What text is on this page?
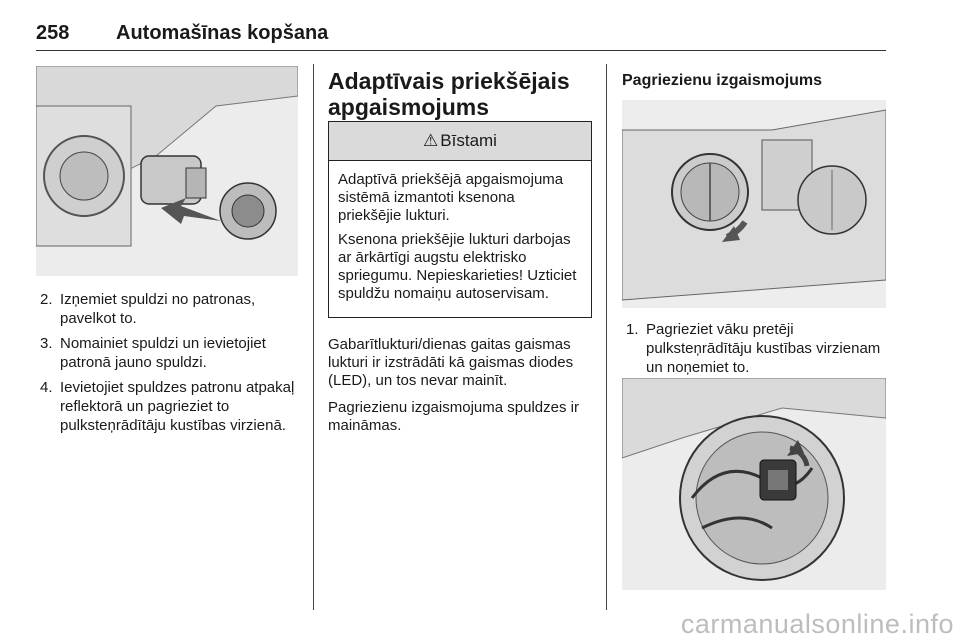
258 Automašīnas kopšana
2. Izņemiet spuldzi no patronas, pavelkot to.
3. Nomainiet spuldzi un ievietojiet patronā jauno spuldzi.
4. Ievietojiet spuldzes patronu atpakaļ reflektorā un pagrieziet to pulksteņrādītāju kustības virzienā.
Adaptīvais priekšējais apgaismojums
⚠ Bīstami

Adaptīvā priekšējā apgaismojuma sistēmā izmantoti ksenona priekšējie lukturi.

Ksenona priekšējie lukturi darbojas ar ārkārtīgi augstu elektrisko spriegumu. Nepieskarieties! Uzticiet spuldžu nomaiņu autoservisam.

Gabarītlukturi/dienas gaitas gaismas lukturi ir izstrādāti kā gaismas diodes (LED), un tos nevar mainīt.

Pagriezienu izgaismojuma spuldzes ir maināmas.

Pagriezienu izgaismojums
1. Pagrieziet vāku pretēji pulksteņrādītāju kustības virzienam un noņemiet to.
carmanualsonline.info
